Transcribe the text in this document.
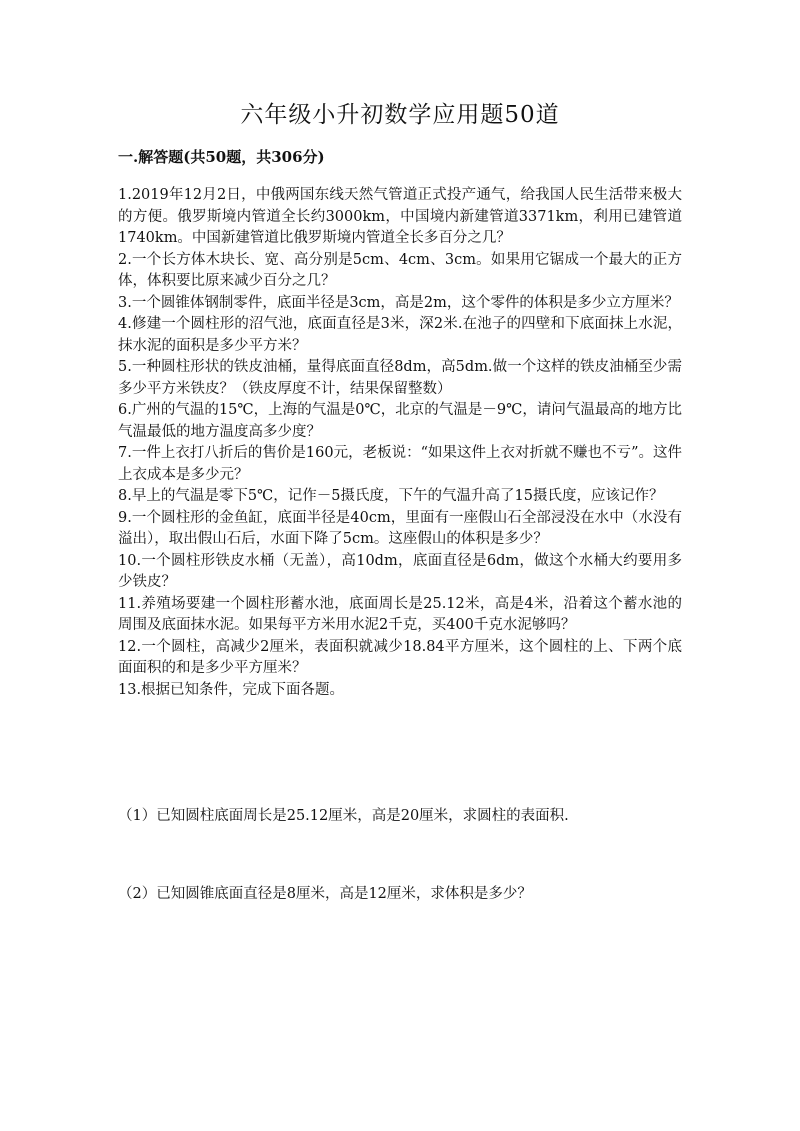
六年级小升初数学应用题50道
一.解答题(共50题，共306分)
1.2019年12月2日，中俄两国东线天然气管道正式投产通气，给我国人民生活带来极大的方便。俄罗斯境内管道全长约3000km，中国境内新建管道3371km，利用已建管道1740km。中国新建管道比俄罗斯境内管道全长多百分之几？
2.一个长方体木块长、宽、高分别是5cm、4cm、3cm。如果用它锯成一个最大的正方体，体积要比原来减少百分之几？
3.一个圆锥体钢制零件，底面半径是3cm，高是2m，这个零件的体积是多少立方厘米？
4.修建一个圆柱形的沼气池，底面直径是3米，深2米.在池子的四壁和下底面抹上水泥，抹水泥的面积是多少平方米？
5.一种圆柱形状的铁皮油桶，量得底面直径8dm，高5dm.做一个这样的铁皮油桶至少需多少平方米铁皮？（铁皮厚度不计，结果保留整数）
6.广州的气温的15℃，上海的气温是0℃，北京的气温是－9℃，请问气温最高的地方比气温最低的地方温度高多少度？
7.一件上衣打八折后的售价是160元，老板说：“如果这件上衣对折就不赚也不亏”。这件上衣成本是多少元？
8.早上的气温是零下5℃，记作－5摄氏度，下午的气温升高了15摄氏度，应该记作？
9.一个圆柱形的金鱼缸，底面半径是40cm，里面有一座假山石全部浸没在水中（水没有溢出），取出假山石后，水面下降了5cm。这座假山的体积是多少？
10.一个圆柱形铁皮水桶（无盖），高10dm，底面直径是6dm，做这个水桶大约要用多少铁皮？
11.养殖场要建一个圆柱形蓄水池，底面周长是25.12米，高是4米，沿着这个蓄水池的周围及底面抹水泥。如果每平方米用水泥2千克，买400千克水泥够吗？
12.一个圆柱，高减少2厘米，表面积就减少18.84平方厘米，这个圆柱的上、下两个底面面积的和是多少平方厘米？
13.根据已知条件，完成下面各题。
（1）已知圆柱底面周长是25.12厘米，高是20厘米，求圆柱的表面积.
（2）已知圆锥底面直径是8厘米，高是12厘米，求体积是多少？
